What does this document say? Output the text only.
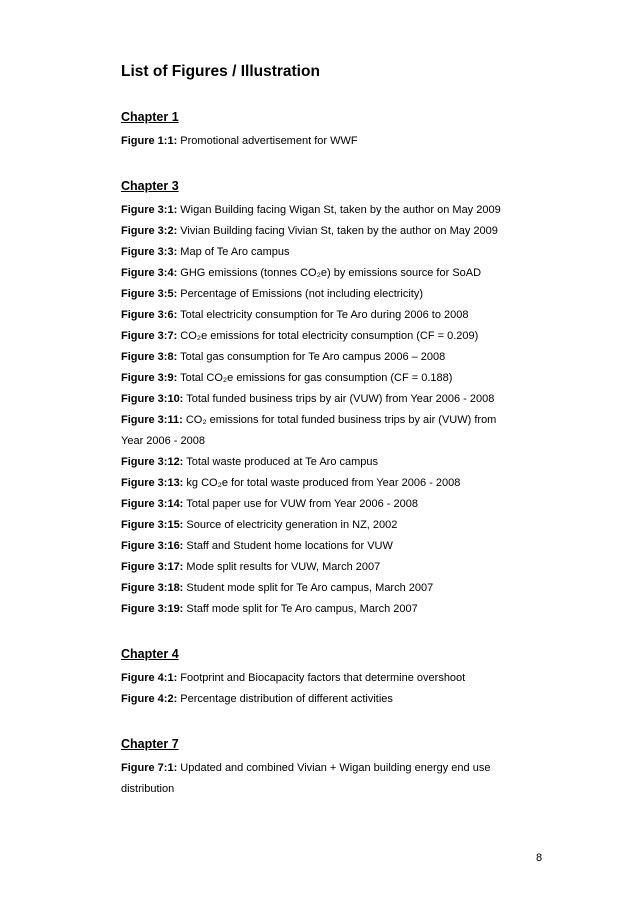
List of Figures / Illustration
Chapter 1
Figure 1:1: Promotional advertisement for WWF
Chapter 3
Figure 3:1: Wigan Building facing Wigan St, taken by the author on May 2009
Figure 3:2: Vivian Building facing Vivian St, taken by the author on May 2009
Figure 3:3: Map of Te Aro campus
Figure 3:4: GHG emissions (tonnes CO₂e) by emissions source for SoAD
Figure 3:5: Percentage of Emissions (not including electricity)
Figure 3:6: Total electricity consumption for Te Aro during 2006 to 2008
Figure 3:7: CO₂e emissions for total electricity consumption (CF = 0.209)
Figure 3:8: Total gas consumption for Te Aro campus 2006 – 2008
Figure 3:9: Total CO₂e emissions for gas consumption (CF = 0.188)
Figure 3:10: Total funded business trips by air (VUW) from Year 2006 - 2008
Figure 3:11: CO₂ emissions for total funded business trips by air (VUW) from Year 2006 - 2008
Figure 3:12: Total waste produced at Te Aro campus
Figure 3:13: kg CO₂e for total waste produced from Year 2006 - 2008
Figure 3:14: Total paper use for VUW from Year 2006 - 2008
Figure 3:15: Source of electricity generation in NZ, 2002
Figure 3:16: Staff and Student home locations for VUW
Figure 3:17: Mode split results for VUW, March 2007
Figure 3:18: Student mode split for Te Aro campus, March 2007
Figure 3:19: Staff mode split for Te Aro campus, March 2007
Chapter 4
Figure 4:1: Footprint and Biocapacity factors that determine overshoot
Figure 4:2: Percentage distribution of different activities
Chapter 7
Figure 7:1: Updated and combined Vivian + Wigan building energy end use distribution
8
